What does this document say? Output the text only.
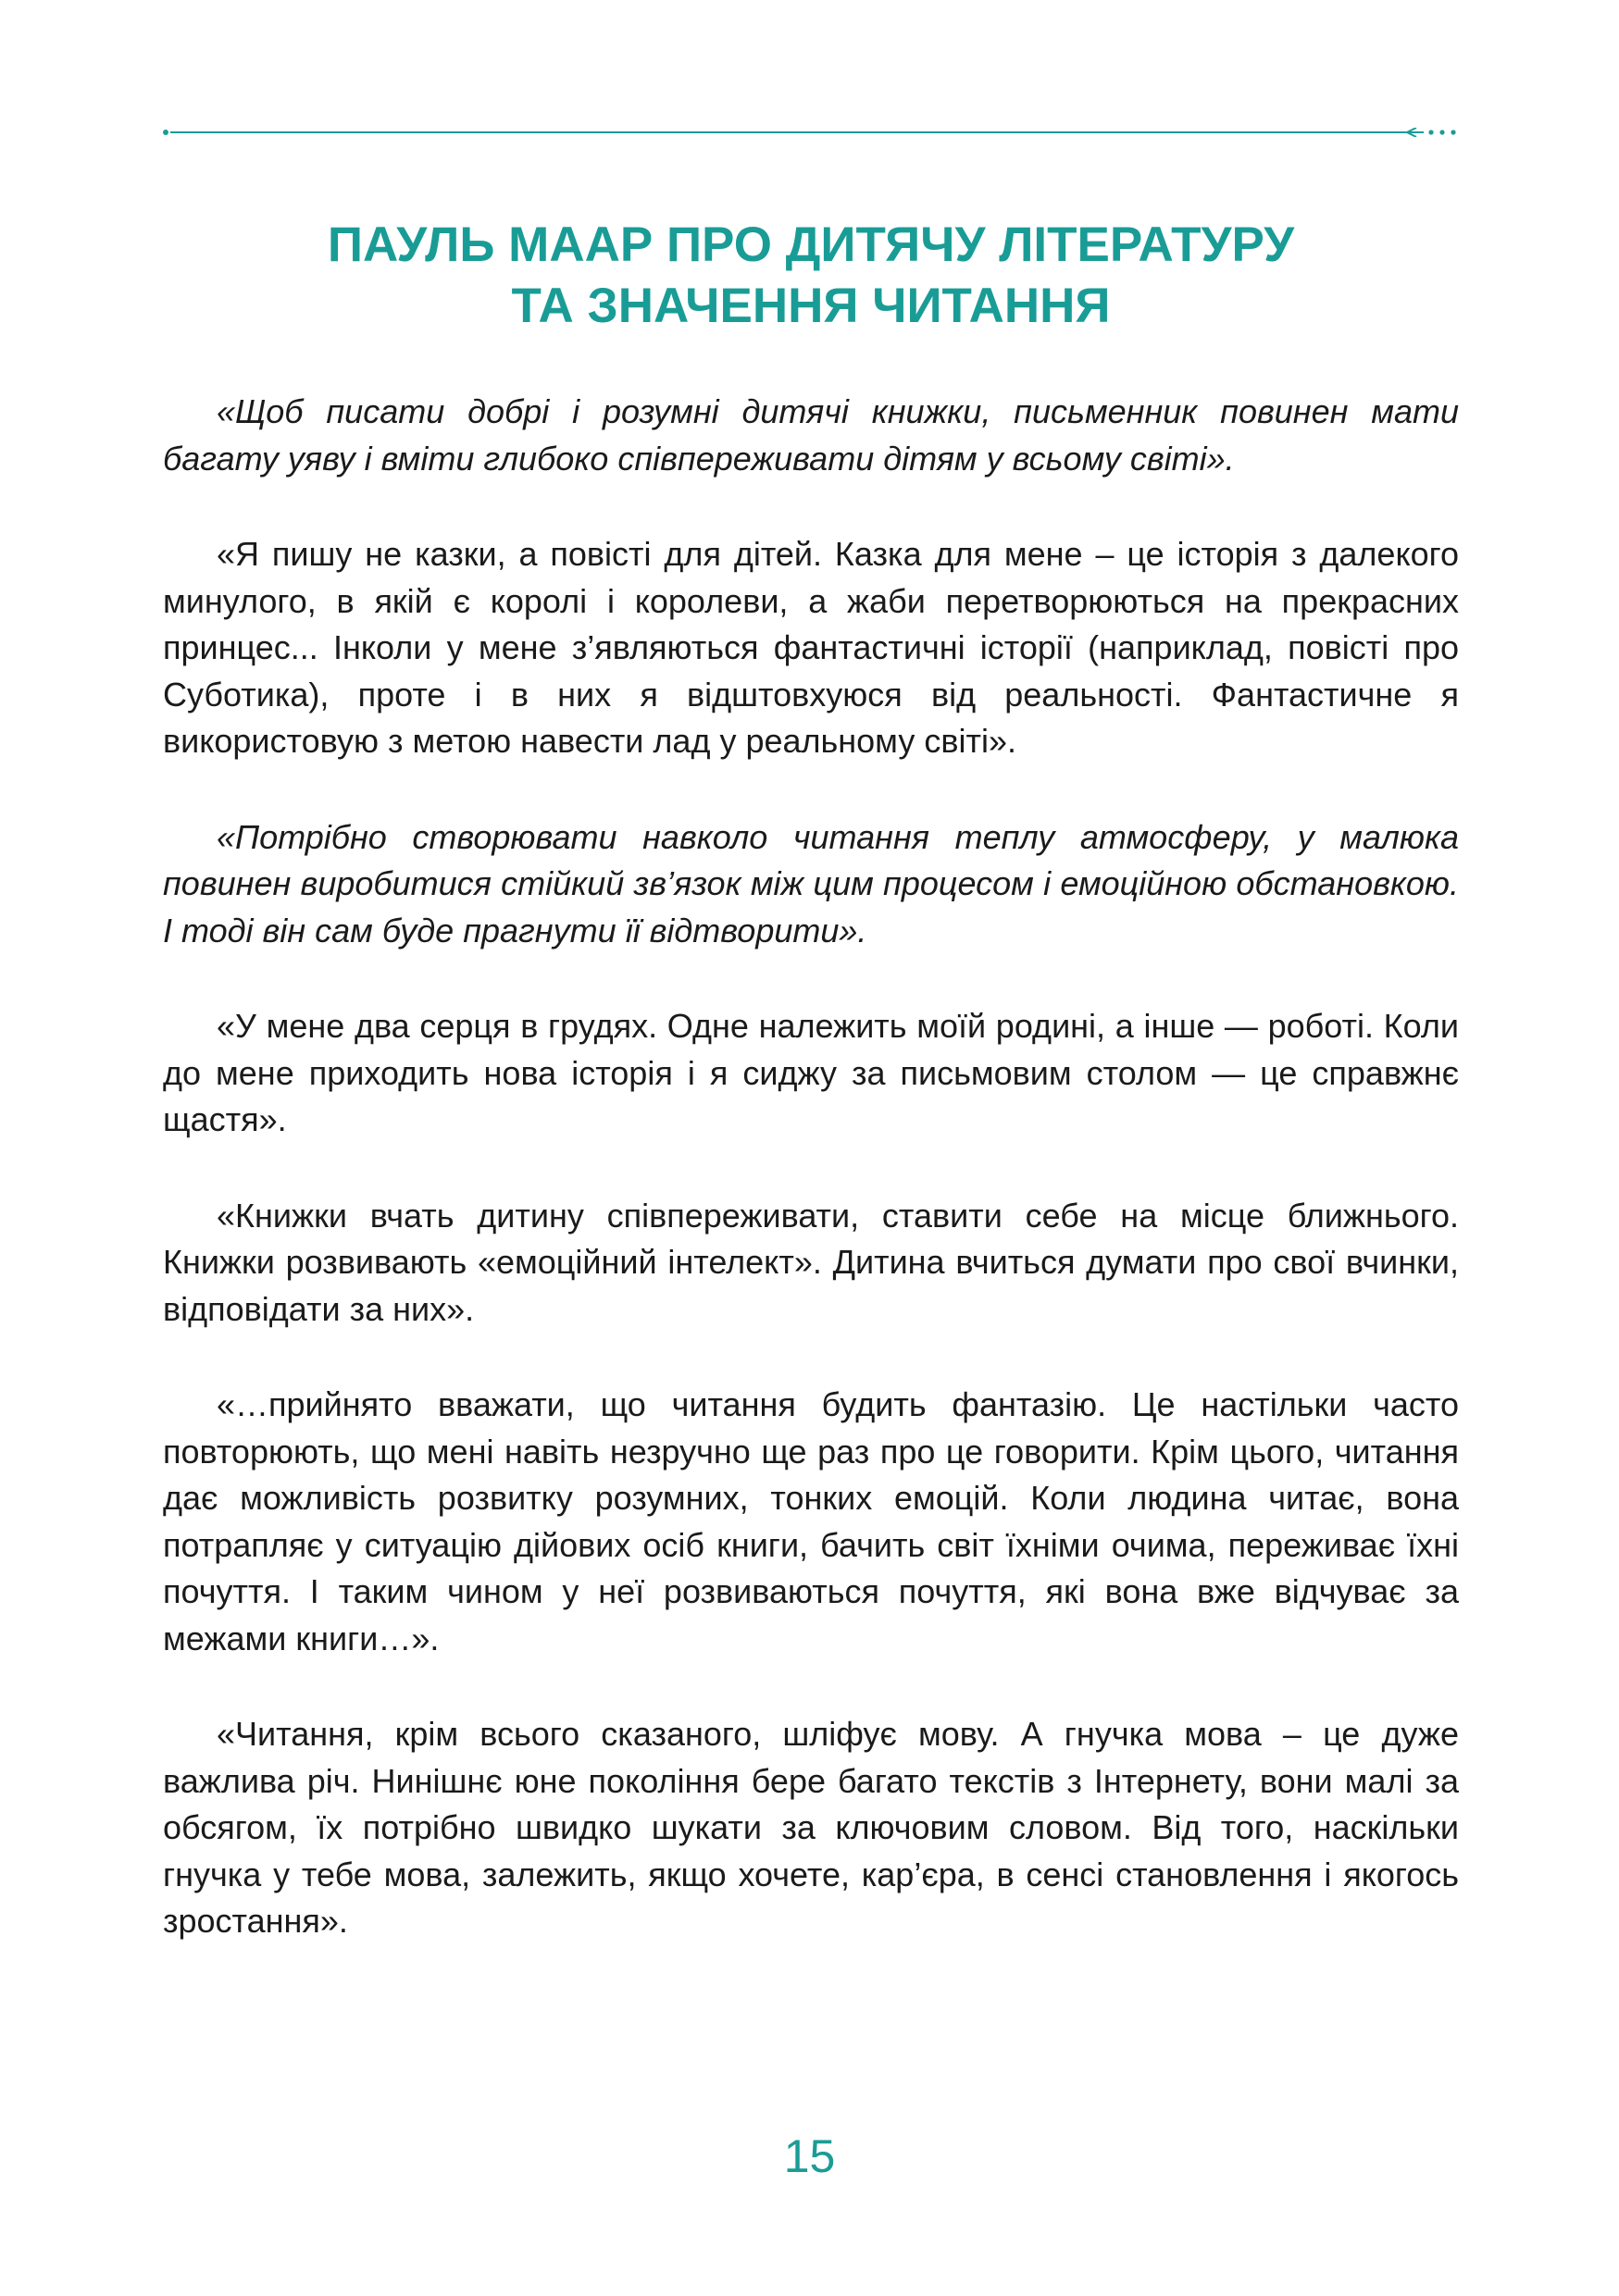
ПАУЛЬ МААР ПРО ДИТЯЧУ ЛІТЕРАТУРУ
ТА ЗНАЧЕННЯ ЧИТАННЯ

«Щоб писати добрі і розумні дитячі книжки, письменник повинен мати багату уяву і вміти глибоко співпереживати дітям у всьому світі».

«Я пишу не казки, а повісті для дітей. Казка для мене – це історія з далекого минулого, в якій є королі і королеви, а жаби перетворюються на прекрасних принцес... Інколи у мене з’являються фантастичні історії (наприклад, повісті про Суботика), проте і в них я відштовхуюся від реальності. Фантастичне я використовую з метою навести лад у реальному світі».

«Потрібно створювати навколо читання теплу атмосферу, у малюка повинен виробитися стійкий зв’язок між цим процесом і емоційною обстановкою. І тоді він сам буде прагнути її відтворити».

«У мене два серця в грудях. Одне належить моїй родині, а інше — роботі. Коли до мене приходить нова історія і я сиджу за письмовим столом — це справжнє щастя».

«Книжки вчать дитину співпереживати, ставити себе на місце ближнього. Книжки розвивають «емоційний інтелект». Дитина вчиться думати про свої вчинки, відповідати за них».

«…прийнято вважати, що читання будить фантазію. Це настільки часто повторюють, що мені навіть незручно ще раз про це говорити. Крім цього, читання дає можливість розвитку розумних, тонких емоцій. Коли людина читає, вона потрапляє у ситуацію дійових осіб книги, бачить світ їхніми очима, переживає їхні почуття. І таким чином у неї розвиваються почуття, які вона вже відчуває за межами книги…».

«Читання, крім всього сказаного, шліфує мову. А гнучка мова – це дуже важлива річ. Нинішнє юне покоління бере багато текстів з Інтернету, вони малі за обсягом, їх потрібно швидко шукати за ключовим словом. Від того, наскільки гнучка у тебе мова, залежить, якщо хочете, кар’єра, в сенсі становлення і якогось зростання».

15
